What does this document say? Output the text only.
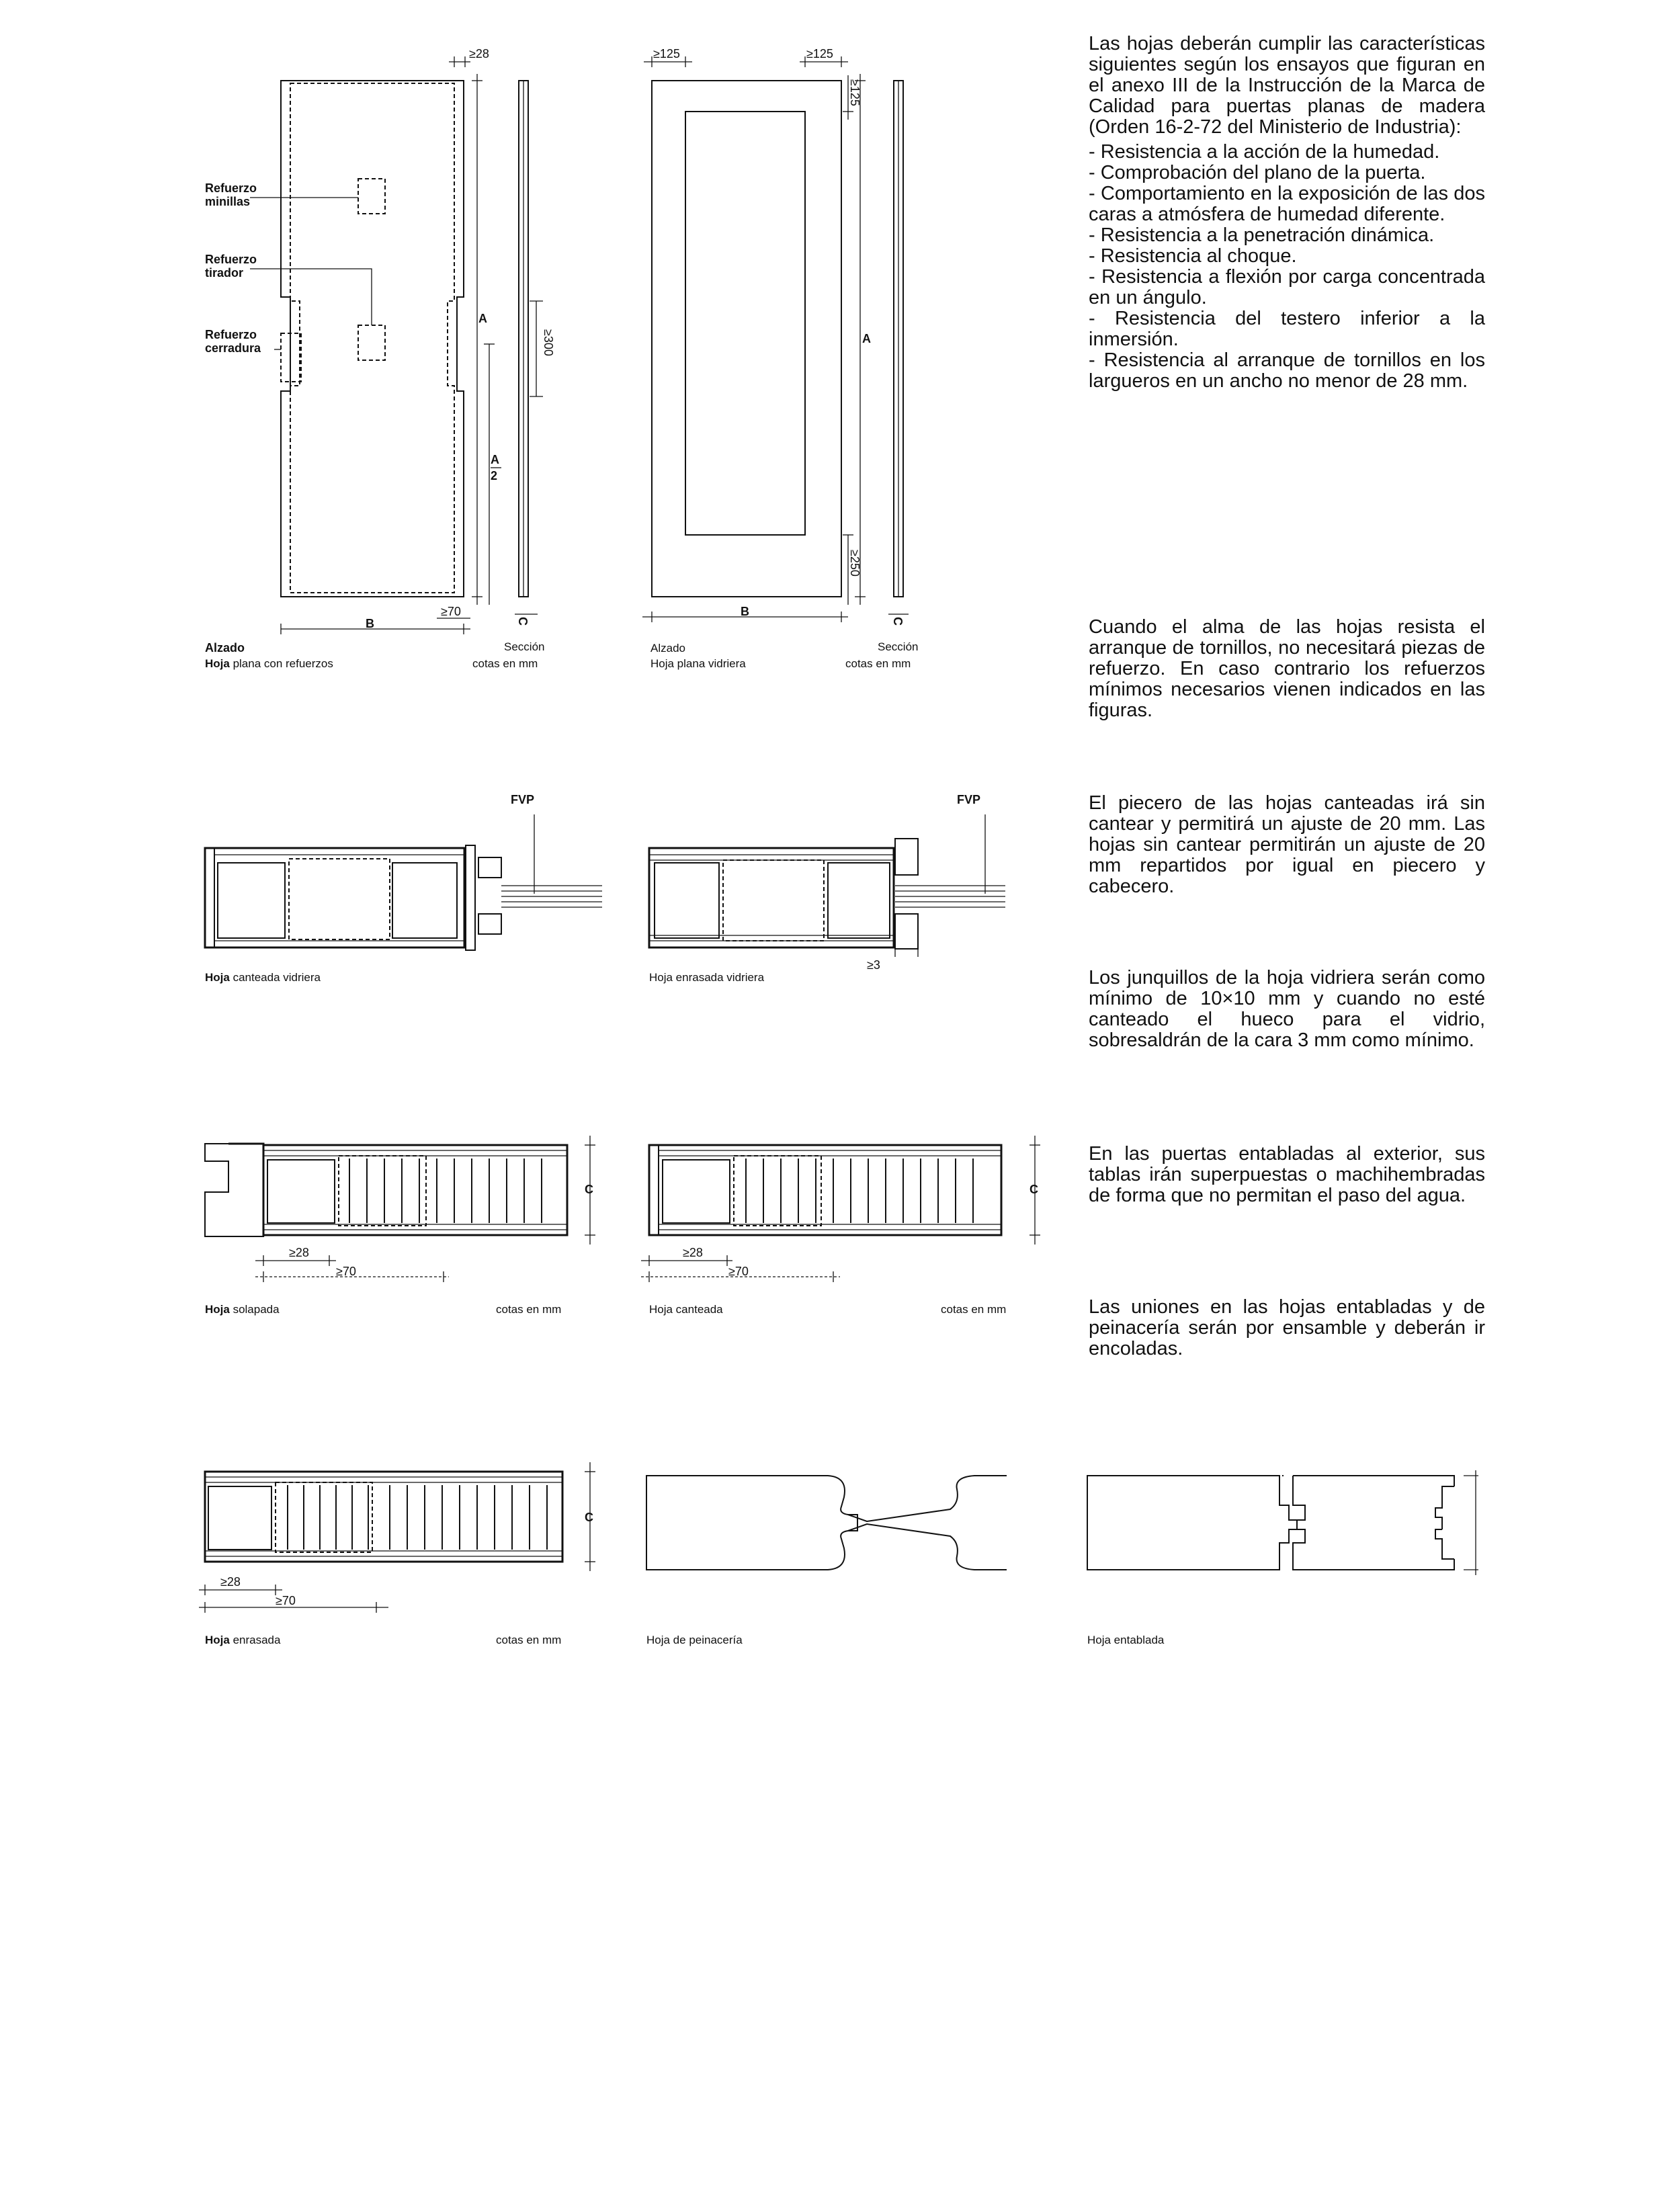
Refuerzo
minillas
Refuerzo
tirador
Refuerzo
cerradura
≥28
A
A
2
≥300
B
≥70
C
Alzado
Hoja plana con refuerzos
Sección
cotas en mm
≥125	≥125
A
≥125
≥250
B
C
Alzado
Hoja plana vidriera
Sección
cotas en mm
FVP
Hoja canteada vidriera
FVP
≥3
Hoja enrasada vidriera
C
≥28
≥70
Hoja solapada	cotas en mm
C
≥28
≥70
Hoja canteada	cotas en mm
C
≥28
≥70
Hoja enrasada	cotas en mm	Hoja de peinacería	Hoja entablada

Las hojas deberán cumplir las características siguientes según los ensayos que figuran en el anexo III de la Instrucción de la Marca de Calidad para puertas planas de madera (Orden 16-2-72 del Ministerio de Industria):

- Resistencia a la acción de la humedad.
- Comprobación del plano de la puerta.
- Comportamiento en la exposición de las dos caras a atmósfera de humedad diferente.
- Resistencia a la penetración dinámica.
- Resistencia al choque.
- Resistencia a flexión por carga concentrada en un ángulo.
- Resistencia del testero inferior a la inmersión.
- Resistencia al arranque de tornillos en los largueros en un ancho no menor de 28 mm.

Cuando el alma de las hojas resista el arranque de tornillos, no necesitará piezas de refuerzo. En caso contrario los refuerzos mínimos necesarios vienen indicados en las figuras.

El piecero de las hojas canteadas irá sin cantear y permitirá un ajuste de 20 mm. Las hojas sin cantear permitirán un ajuste de 20 mm repartidos por igual en piecero y cabecero.

Los junquillos de la hoja vidriera serán como mínimo de 10×10 mm y cuando no esté canteado el hueco para el vidrio, sobresaldrán de la cara 3 mm como mínimo.

En las puertas entabladas al exterior, sus tablas irán superpuestas o machihembradas de forma que no permitan el paso del agua.

Las uniones en las hojas entabladas y de peinacería serán por ensamble y deberán ir encoladas.
